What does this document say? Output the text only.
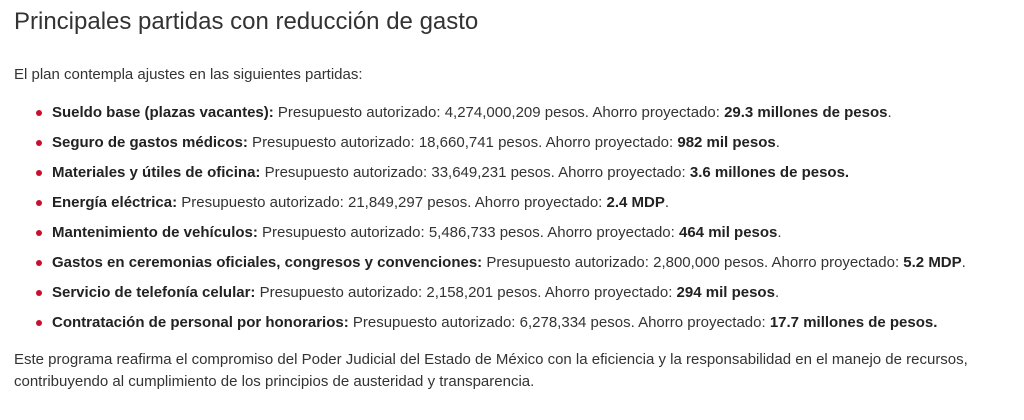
Principales partidas con reducción de gasto

El plan contempla ajustes en las siguientes partidas:

Sueldo base (plazas vacantes): Presupuesto autorizado: 4,274,000,209 pesos. Ahorro proyectado: 29.3 millones de pesos.
Seguro de gastos médicos: Presupuesto autorizado: 18,660,741 pesos. Ahorro proyectado: 982 mil pesos.
Materiales y útiles de oficina: Presupuesto autorizado: 33,649,231 pesos. Ahorro proyectado: 3.6 millones de pesos.
Energía eléctrica: Presupuesto autorizado: 21,849,297 pesos. Ahorro proyectado: 2.4 MDP.
Mantenimiento de vehículos: Presupuesto autorizado: 5,486,733 pesos. Ahorro proyectado: 464 mil pesos.
Gastos en ceremonias oficiales, congresos y convenciones: Presupuesto autorizado: 2,800,000 pesos. Ahorro proyectado: 5.2 MDP.
Servicio de telefonía celular: Presupuesto autorizado: 2,158,201 pesos. Ahorro proyectado: 294 mil pesos.
Contratación de personal por honorarios: Presupuesto autorizado: 6,278,334 pesos. Ahorro proyectado: 17.7 millones de pesos.

Este programa reafirma el compromiso del Poder Judicial del Estado de México con la eficiencia y la responsabilidad en el manejo de recursos, contribuyendo al cumplimiento de los principios de austeridad y transparencia.
